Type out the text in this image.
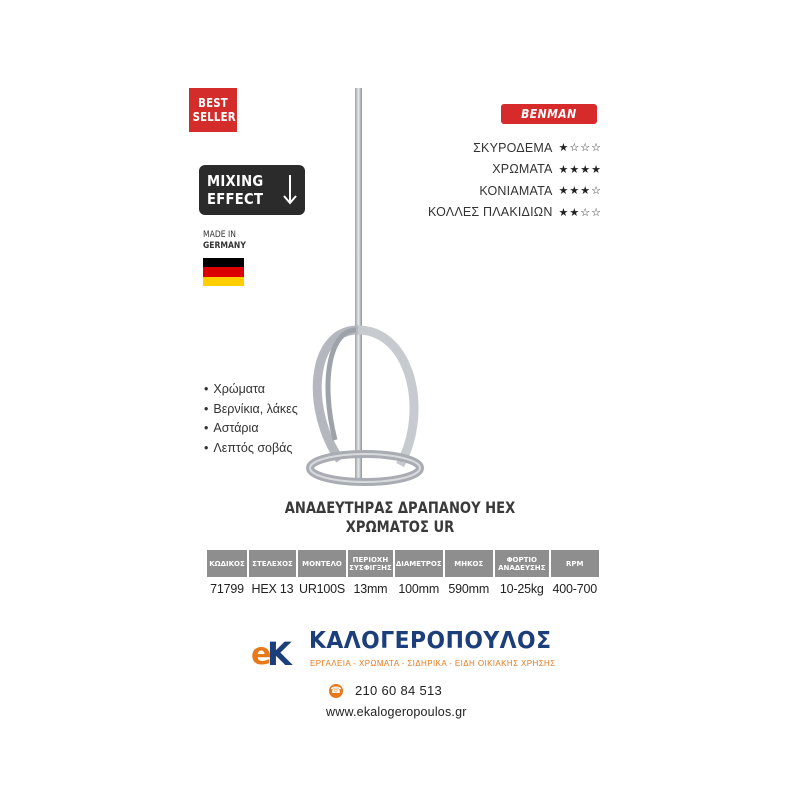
BEST
SELLER
MIXING
EFFECT
MADE IN
GERMANY
BENMAN
ΣΚΥΡΟΔΕΜΑ ★☆☆☆
ΧΡΩΜΑΤΑ ★★★★
ΚΟΝΙΑΜΑΤΑ ★★★☆
ΚΟΛΛΕΣ ΠΛΑΚΙΔΙΩΝ ★★☆☆
• Χρώματα
• Βερνίκια, λάκες
• Αστάρια
• Λεπτός σοβάς
ΑΝΑΔΕΥΤΗΡΑΣ ΔΡΑΠΑΝΟΥ HEX
ΧΡΩΜΑΤΟΣ UR
ΚΩΔΙΚΟΣ	ΣΤΕΛΕΧΟΣ	ΜΟΝΤΕΛΟ	ΠΕΡΙΟΧΗ ΣΥΣΦΙΓΞΗΣ	ΔΙΑΜΕΤΡΟΣ	ΜΗΚΟΣ	ΦΟΡΤΙΟ ΑΝΑΔΕΥΣΗΣ	RPM
71799	HEX 13	UR100S	13mm	100mm	590mm	10-25kg	400-700
e
K ΚΑΛΟΓΕΡΟΠΟΥΛΟΣ
ΕΡΓΑΛΕΙΑ - ΧΡΩΜΑΤΑ - ΣΙΔΗΡΙΚΑ - ΕΙΔΗ ΟΙΚΙΑΚΗΣ ΧΡΗΣΗΣ
☎ 210 60 84 513
www.ekalogeropoulos.gr
